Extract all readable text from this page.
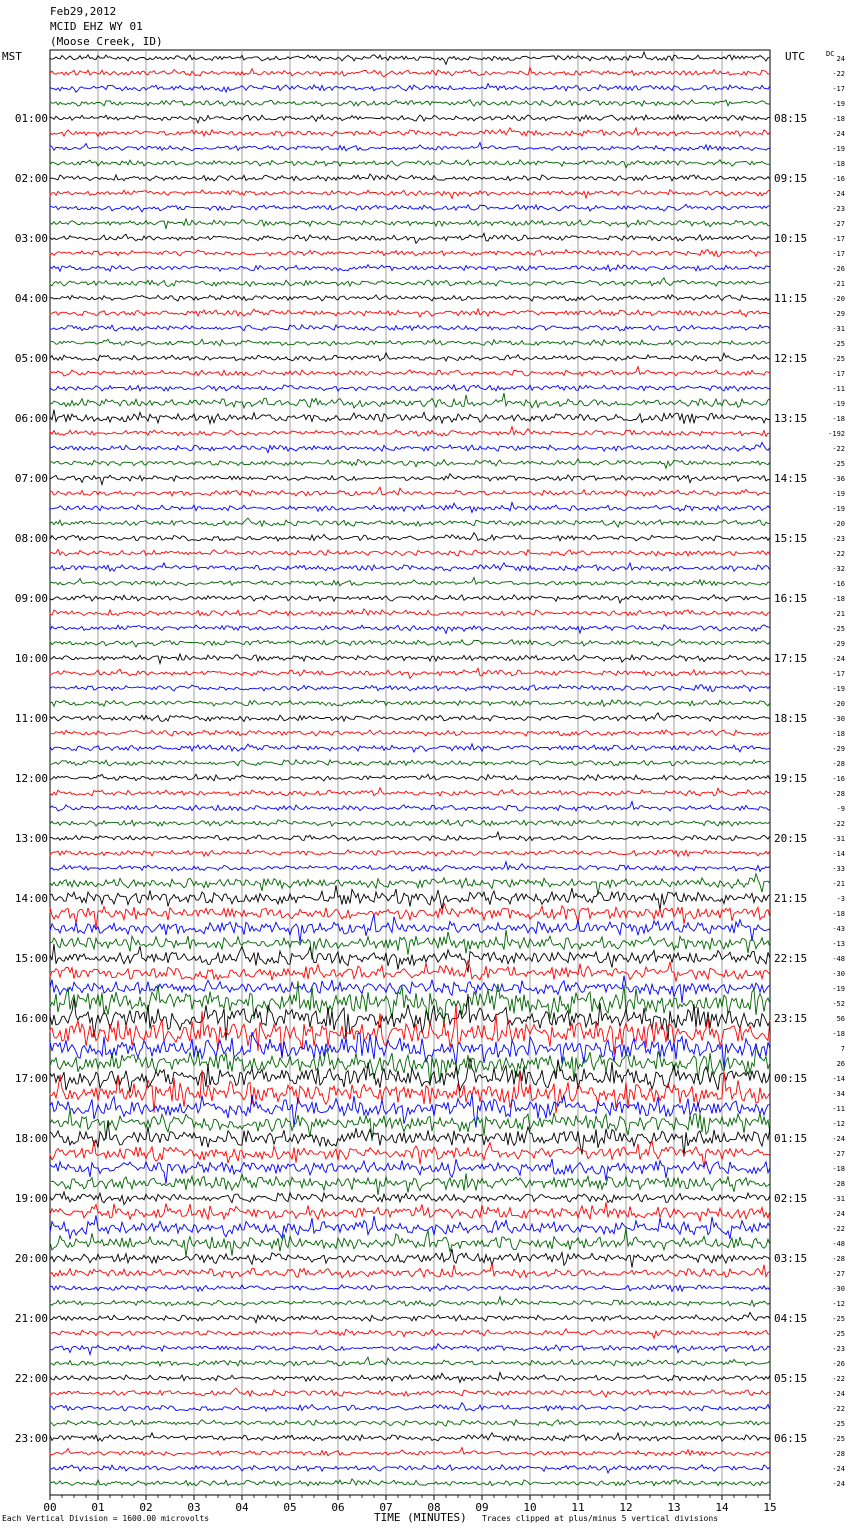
Feb29,2012
MCID EHZ WY 01
(Moose Creek, ID)
MST	UTC	DC
01:00
02:00
03:00
04:00
05:00
06:00
07:00
08:00
09:00
10:00
11:00
12:00
13:00
14:00
15:00
16:00
17:00
18:00
19:00
20:00
21:00
22:00
23:00
08:15
09:15
10:15
11:15
12:15
13:15
14:15
15:15
16:15
17:15
18:15
19:15
20:15
21:15
22:15
23:15
00:15
01:15
02:15
03:15
04:15
05:15
06:15
24
-22
-17
-19
-18
-24
-19
-18
-16
-24
-23
-27
-17
-17
-26
-21
-20
-29
-31
-25
-25
-17
-11
-19
-18
-192
-22
-25
-36
-19
-19
-20
-23
-22
-32
-16
-18
-21
-25
-29
-24
-17
-19
-20
-30
-18
-29
-28
-16
-28
-9
-22
-31
-14
-33
-21
-3
-18
-43
-13
-48
-30
-19
-52
56
-18
7
26
-14
-34
-11
-12
-24
-27
-18
-28
-31
-24
-22
-48
-28
-27
-30
-12
-25
-25
-23
-26
-22
-24
-22
-25
-25
-28
-24
-24
00	01	02	03	04	05	06	07	08	09	10	11	12	13	14	15
Each Vertical Division = 1600.00 microvolts	TIME (MINUTES) Traces clipped at plus/minus 5 vertical divisions
